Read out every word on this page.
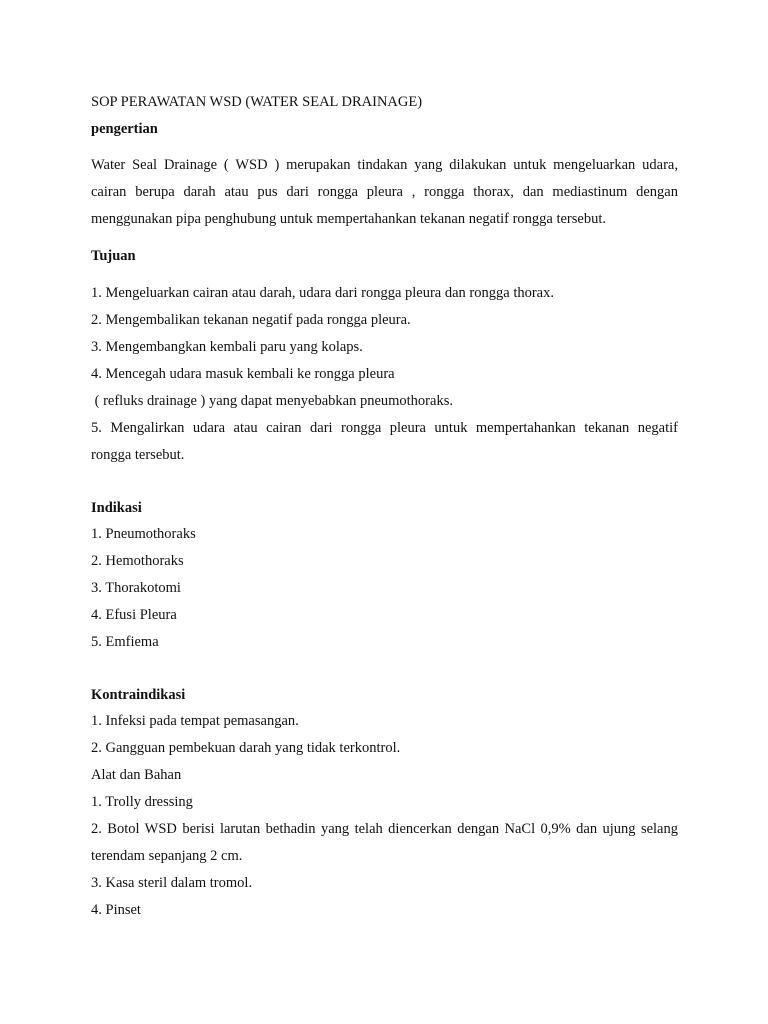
SOP PERAWATAN WSD (WATER SEAL DRAINAGE)
pengertian
Water Seal Drainage ( WSD ) merupakan tindakan yang dilakukan untuk mengeluarkan udara,
cairan berupa darah atau pus dari rongga pleura , rongga thorax, dan mediastinum dengan
menggunakan pipa penghubung untuk mempertahankan tekanan negatif rongga tersebut.
Tujuan
1. Mengeluarkan cairan atau darah, udara dari rongga pleura dan rongga thorax.
2. Mengembalikan tekanan negatif pada rongga pleura.
3. Mengembangkan kembali paru yang kolaps.
4. Mencegah udara masuk kembali ke rongga pleura
( refluks drainage ) yang dapat menyebabkan pneumothoraks.
5. Mengalirkan udara atau cairan dari rongga pleura untuk mempertahankan tekanan negatif
rongga tersebut.
Indikasi
1. Pneumothoraks
2. Hemothoraks
3. Thorakotomi
4. Efusi Pleura
5. Emfiema
Kontraindikasi
1. Infeksi pada tempat pemasangan.
2. Gangguan pembekuan darah yang tidak terkontrol.
Alat dan Bahan
1. Trolly dressing
2. Botol WSD berisi larutan bethadin yang telah diencerkan dengan NaCl 0,9% dan ujung selang
terendam sepanjang 2 cm.
3. Kasa steril dalam tromol.
4. Pinset
